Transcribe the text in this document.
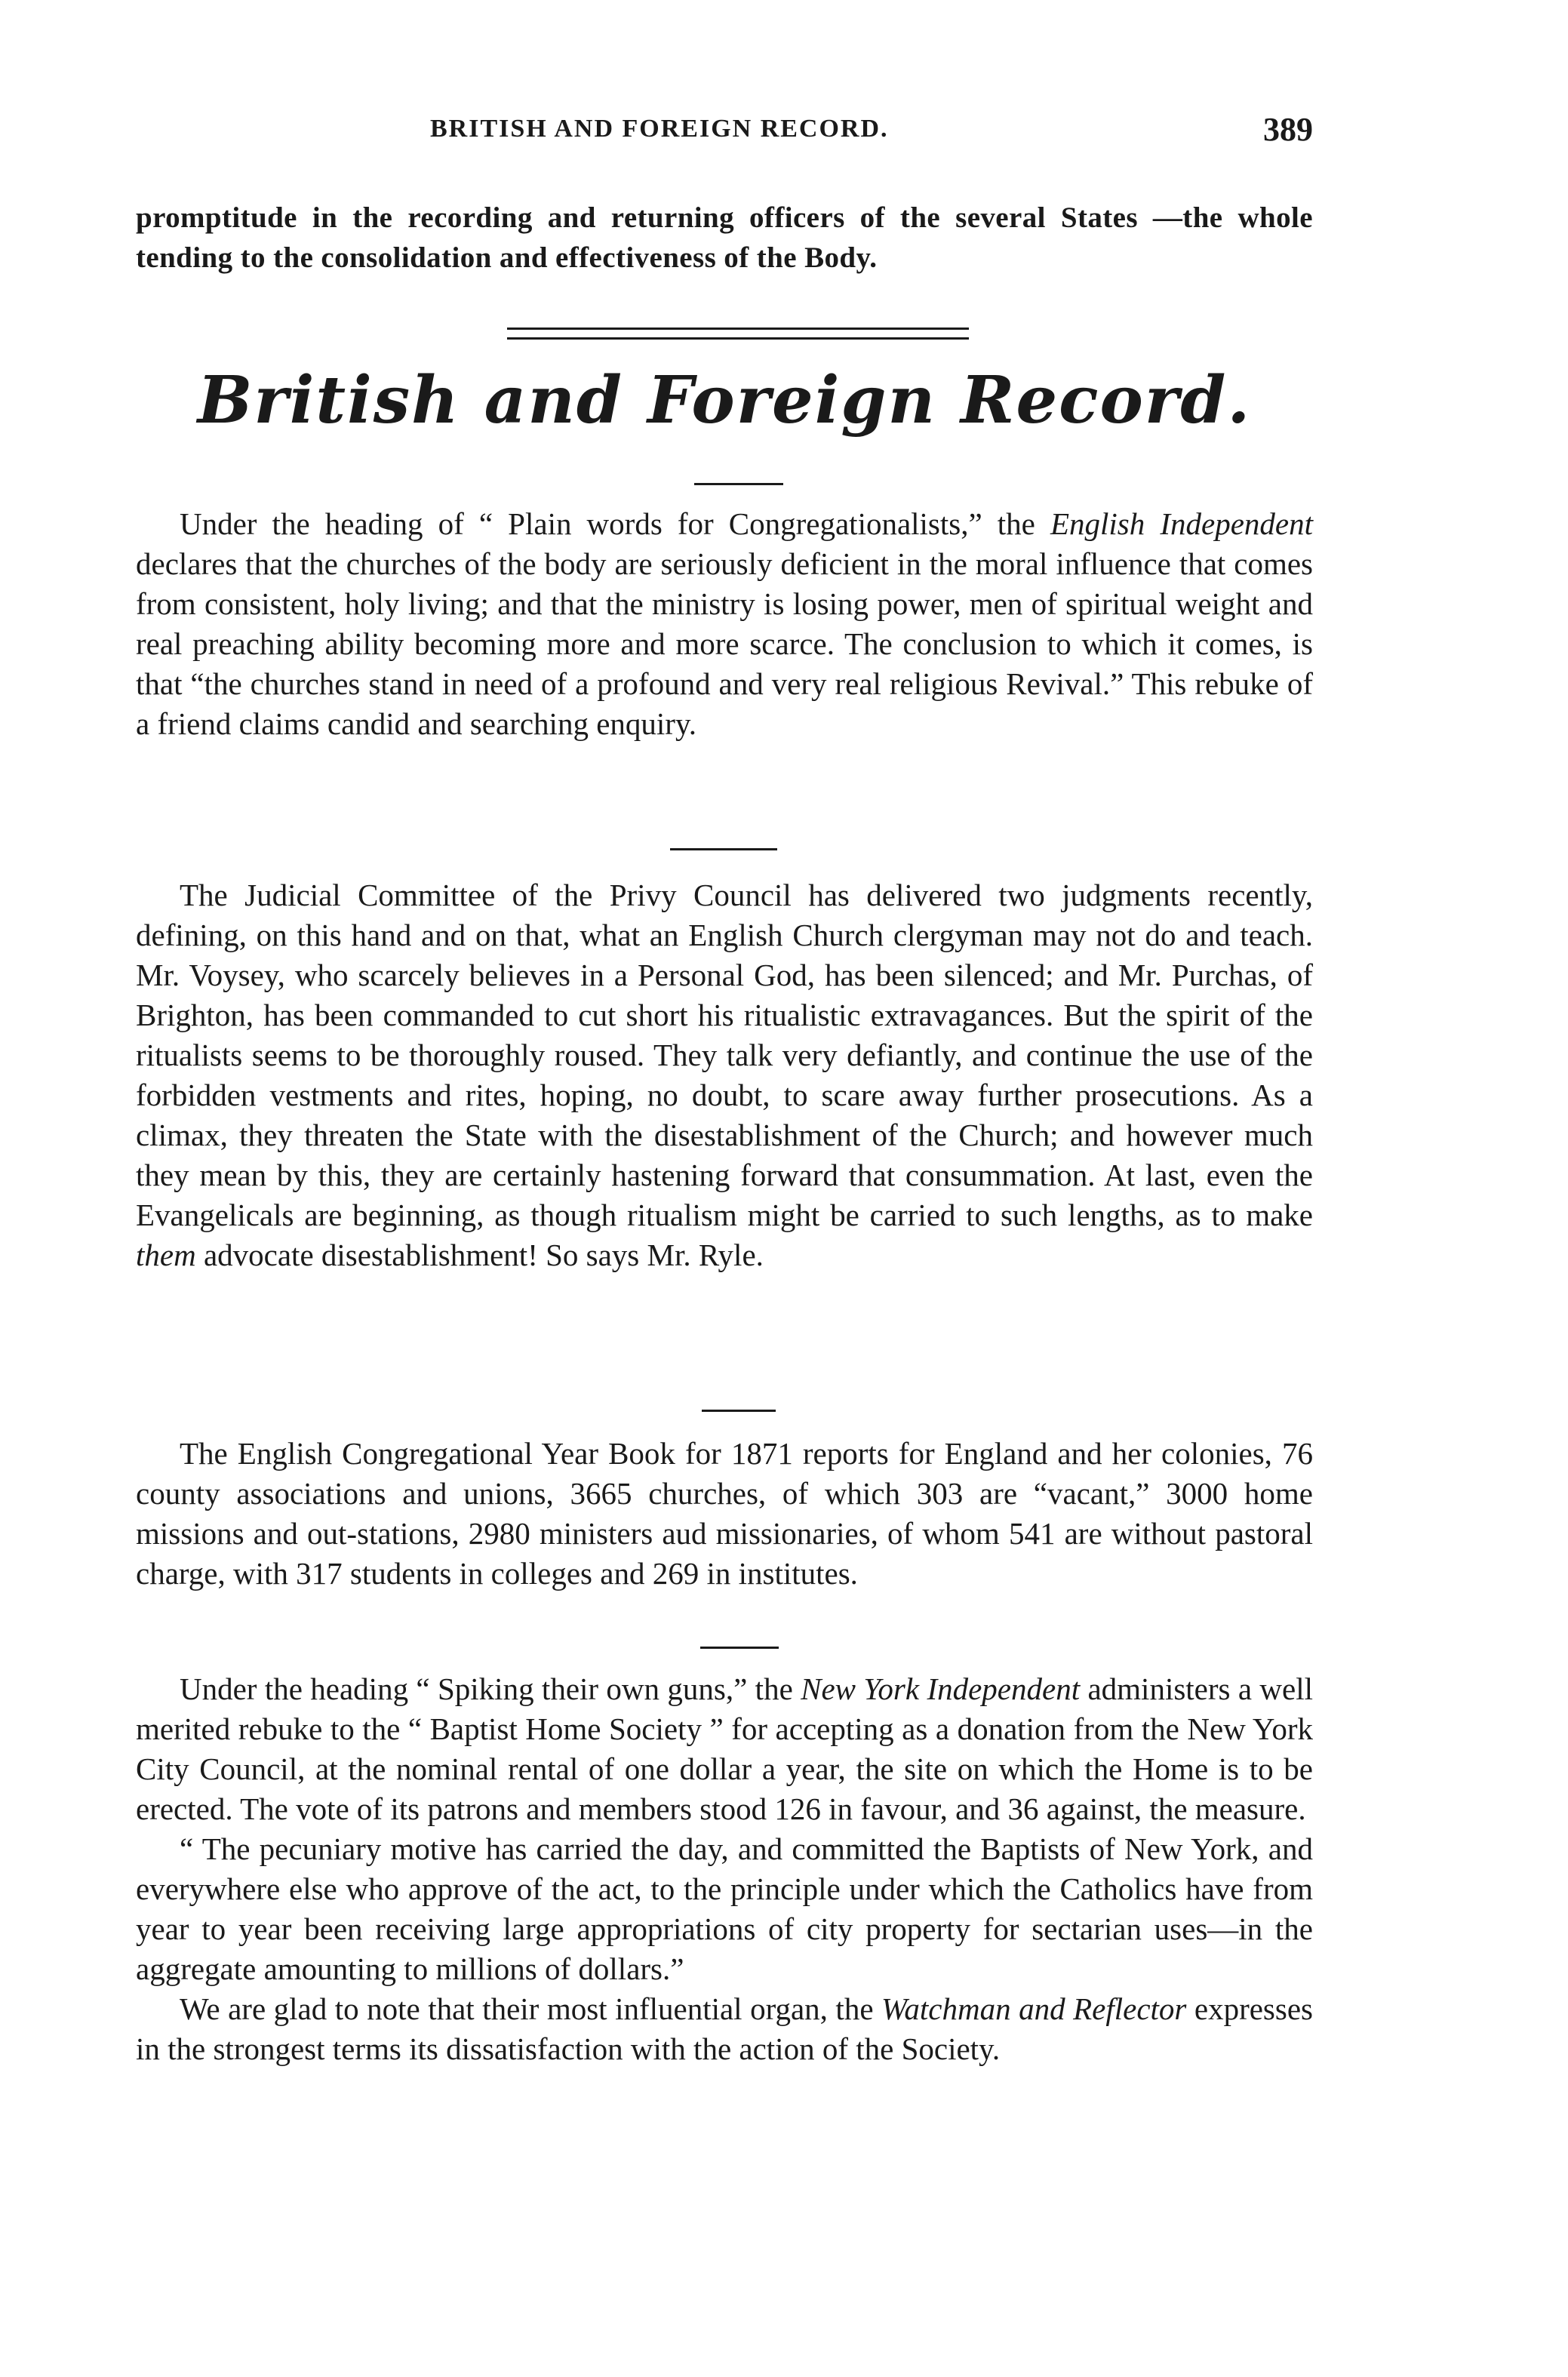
BRITISH AND FOREIGN RECORD.	389

promptitude in the recording and returning officers of the several States —the whole tending to the consolidation and effectiveness of the Body.

British and Foreign Record.

Under the heading of “ Plain words for Congregationalists,” the English Independent declares that the churches of the body are seriously deficient in the moral influence that comes from consistent, holy living; and that the ministry is losing power, men of spiritual weight and real preaching ability becoming more and more scarce. The conclusion to which it comes, is that “the churches stand in need of a profound and very real religious Revival.” This rebuke of a friend claims candid and searching enquiry.

The Judicial Committee of the Privy Council has delivered two judgments recently, defining, on this hand and on that, what an English Church clergyman may not do and teach. Mr. Voysey, who scarcely believes in a Personal God, has been silenced; and Mr. Purchas, of Brighton, has been commanded to cut short his ritualistic extravagances. But the spirit of the ritualists seems to be thoroughly roused. They talk very defiantly, and continue the use of the forbidden vestments and rites, hoping, no doubt, to scare away further prosecutions. As a climax, they threaten the State with the disestablishment of the Church; and however much they mean by this, they are certainly hastening forward that consummation. At last, even the Evangelicals are beginning, as though ritualism might be carried to such lengths, as to make them advocate disestablishment! So says Mr. Ryle.

The English Congregational Year Book for 1871 reports for England and her colonies, 76 county associations and unions, 3665 churches, of which 303 are “vacant,” 3000 home missions and out-stations, 2980 ministers aud missionaries, of whom 541 are without pastoral charge, with 317 students in colleges and 269 in institutes.

Under the heading “ Spiking their own guns,” the New York Independent administers a well merited rebuke to the “ Baptist Home Society ” for accepting as a donation from the New York City Council, at the nominal rental of one dollar a year, the site on which the Home is to be erected. The vote of its patrons and members stood 126 in favour, and 36 against, the measure.

“ The pecuniary motive has carried the day, and committed the Baptists of New York, and everywhere else who approve of the act, to the principle under which the Catholics have from year to year been receiving large appropriations of city property for sectarian uses—in the aggregate amounting to millions of dollars.”

We are glad to note that their most influential organ, the Watchman and Reflector expresses in the strongest terms its dissatisfaction with the action of the Society.
